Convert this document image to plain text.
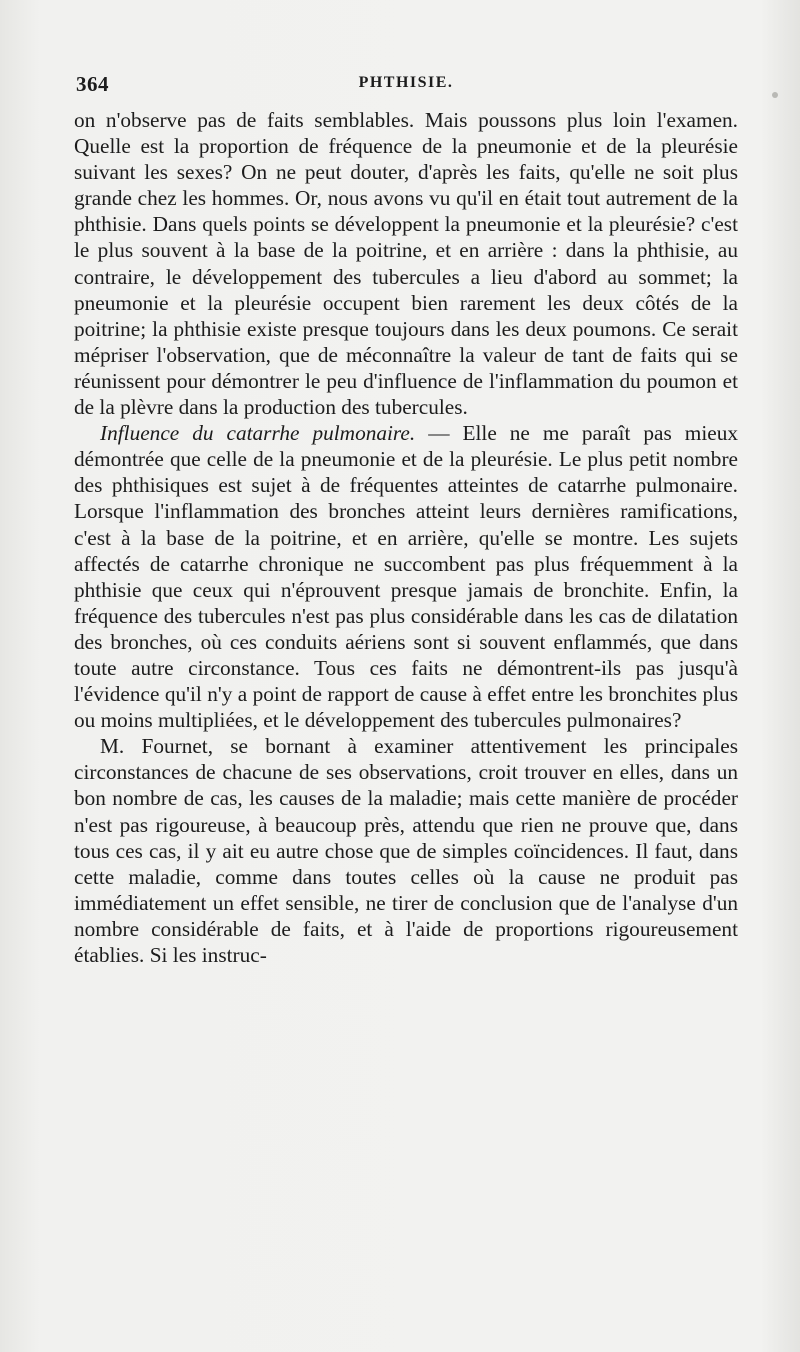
364	PHTHISIE.

on n'observe pas de faits semblables. Mais poussons plus loin l'examen. Quelle est la proportion de fréquence de la pneumonie et de la pleurésie suivant les sexes? On ne peut douter, d'après les faits, qu'elle ne soit plus grande chez les hommes. Or, nous avons vu qu'il en était tout autrement de la phthisie. Dans quels points se développent la pneumonie et la pleurésie? c'est le plus souvent à la base de la poitrine, et en arrière : dans la phthisie, au contraire, le développement des tubercules a lieu d'abord au sommet; la pneumonie et la pleurésie occupent bien rarement les deux côtés de la poitrine; la phthisie existe presque toujours dans les deux poumons. Ce serait mépriser l'observation, que de méconnaître la valeur de tant de faits qui se réunissent pour démontrer le peu d'influence de l'inflammation du poumon et de la plèvre dans la production des tubercules.

Influence du catarrhe pulmonaire. — Elle ne me paraît pas mieux démontrée que celle de la pneumonie et de la pleurésie. Le plus petit nombre des phthisiques est sujet à de fréquentes atteintes de catarrhe pulmonaire. Lorsque l'inflammation des bronches atteint leurs dernières ramifications, c'est à la base de la poitrine, et en arrière, qu'elle se montre. Les sujets affectés de catarrhe chronique ne succombent pas plus fréquemment à la phthisie que ceux qui n'éprouvent presque jamais de bronchite. Enfin, la fréquence des tubercules n'est pas plus considérable dans les cas de dilatation des bronches, où ces conduits aériens sont si souvent enflammés, que dans toute autre circonstance. Tous ces faits ne démontrent-ils pas jusqu'à l'évidence qu'il n'y a point de rapport de cause à effet entre les bronchites plus ou moins multipliées, et le développement des tubercules pulmonaires?

M. Fournet, se bornant à examiner attentivement les principales circonstances de chacune de ses observations, croit trouver en elles, dans un bon nombre de cas, les causes de la maladie; mais cette manière de procéder n'est pas rigoureuse, à beaucoup près, attendu que rien ne prouve que, dans tous ces cas, il y ait eu autre chose que de simples coïncidences. Il faut, dans cette maladie, comme dans toutes celles où la cause ne produit pas immédiatement un effet sensible, ne tirer de conclusion que de l'analyse d'un nombre considérable de faits, et à l'aide de proportions rigoureusement établies. Si les instruc-
